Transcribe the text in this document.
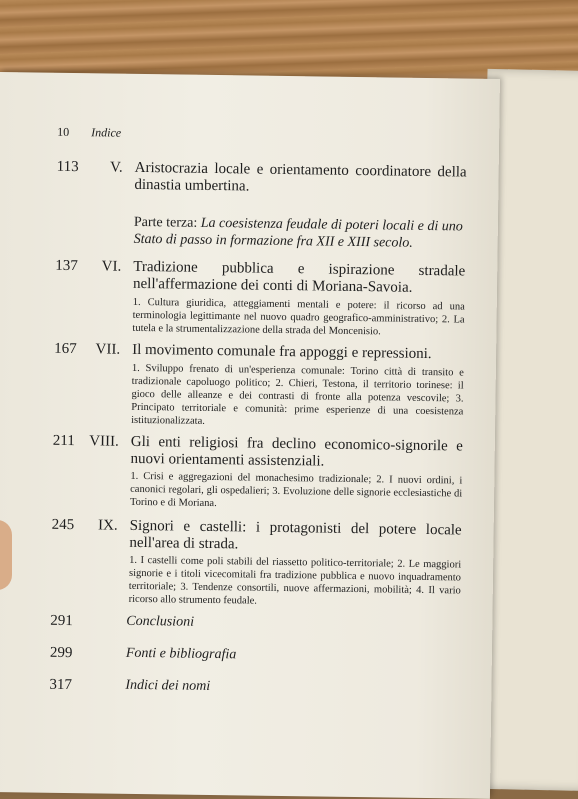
10 Indice
113	V. Aristocrazia locale e orientamento coordinatore della dinastia umbertina.
Parte terza: La coesistenza feudale di poteri locali e di uno Stato di passo in formazione fra XII e XIII secolo.
137	VI. Tradizione pubblica e ispirazione stradale nell'affermazione dei conti di Moriana-Savoia.
1. Cultura giuridica, atteggiamenti mentali e potere: il ricorso ad una terminologia legittimante nel nuovo quadro geografico-amministrativo; 2. La tutela e la strumentalizzazione della strada del Moncenisio.
167	VII. Il movimento comunale fra appoggi e repressioni.
1. Sviluppo frenato di un'esperienza comunale: Torino città di transito e tradizionale capoluogo politico; 2. Chieri, Testona, il territorio torinese: il gioco delle alleanze e dei contrasti di fronte alla potenza vescovile; 3. Principato territoriale e comunità: prime esperienze di una coesistenza istituzionalizzata.
211 VIII. Gli enti religiosi fra declino economico-signorile e nuovi orientamenti assistenziali.
1. Crisi e aggregazioni del monachesimo tradizionale; 2. I nuovi ordini, i canonici regolari, gli ospedalieri; 3. Evoluzione delle signorie ecclesiastiche di Torino e di Moriana.
245	IX. Signori e castelli: i protagonisti del potere locale nell'area di strada.
1. I castelli come poli stabili del riassetto politico-territoriale; 2. Le maggiori signorie e i titoli vicecomitali fra tradizione pubblica e nuovo inquadramento territoriale; 3. Tendenze consortili, nuove affermazioni, mobilità; 4. Il vario ricorso allo strumento feudale.
291	Conclusioni
299	Fonti e bibliografia
317	Indici dei nomi
